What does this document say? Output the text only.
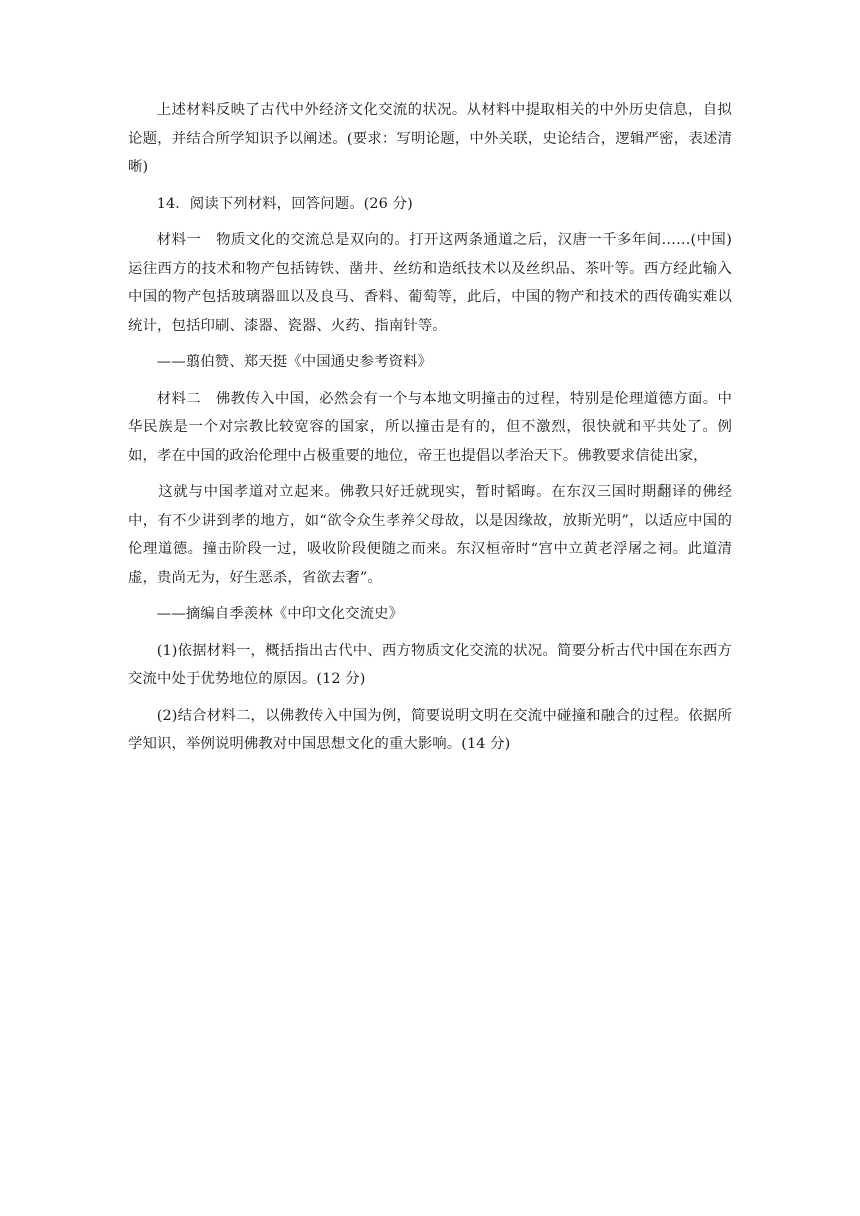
上述材料反映了古代中外经济文化交流的状况。从材料中提取相关的中外历史信息，自拟论题，并结合所学知识予以阐述。(要求：写明论题，中外关联，史论结合，逻辑严密，表述清晰)

14．阅读下列材料，回答问题。(26 分)

材料一　物质文化的交流总是双向的。打开这两条通道之后，汉唐一千多年间……(中国)运往西方的技术和物产包括铸铁、凿井、丝纺和造纸技术以及丝织品、茶叶等。西方经此输入中国的物产包括玻璃器皿以及良马、香料、葡萄等，此后，中国的物产和技术的西传确实难以统计，包括印刷、漆器、瓷器、火药、指南针等。

——翦伯赞、郑天挺《中国通史参考资料》

材料二　佛教传入中国，必然会有一个与本地文明撞击的过程，特别是伦理道德方面。中华民族是一个对宗教比较宽容的国家，所以撞击是有的，但不激烈，很快就和平共处了。例如，孝在中国的政治伦理中占极重要的地位，帝王也提倡以孝治天下。佛教要求信徒出家，

这就与中国孝道对立起来。佛教只好迁就现实，暂时韬晦。在东汉三国时期翻译的佛经中，有不少讲到孝的地方，如“欲令众生孝养父母故，以是因缘故，放斯光明”，以适应中国的伦理道德。撞击阶段一过，吸收阶段便随之而来。东汉桓帝时“宫中立黄老浮屠之祠。此道清虚，贵尚无为，好生恶杀，省欲去奢”。

——摘编自季羡林《中印文化交流史》

(1)依据材料一，概括指出古代中、西方物质文化交流的状况。简要分析古代中国在东西方交流中处于优势地位的原因。(12 分)

(2)结合材料二，以佛教传入中国为例，简要说明文明在交流中碰撞和融合的过程。依据所学知识，举例说明佛教对中国思想文化的重大影响。(14 分)
